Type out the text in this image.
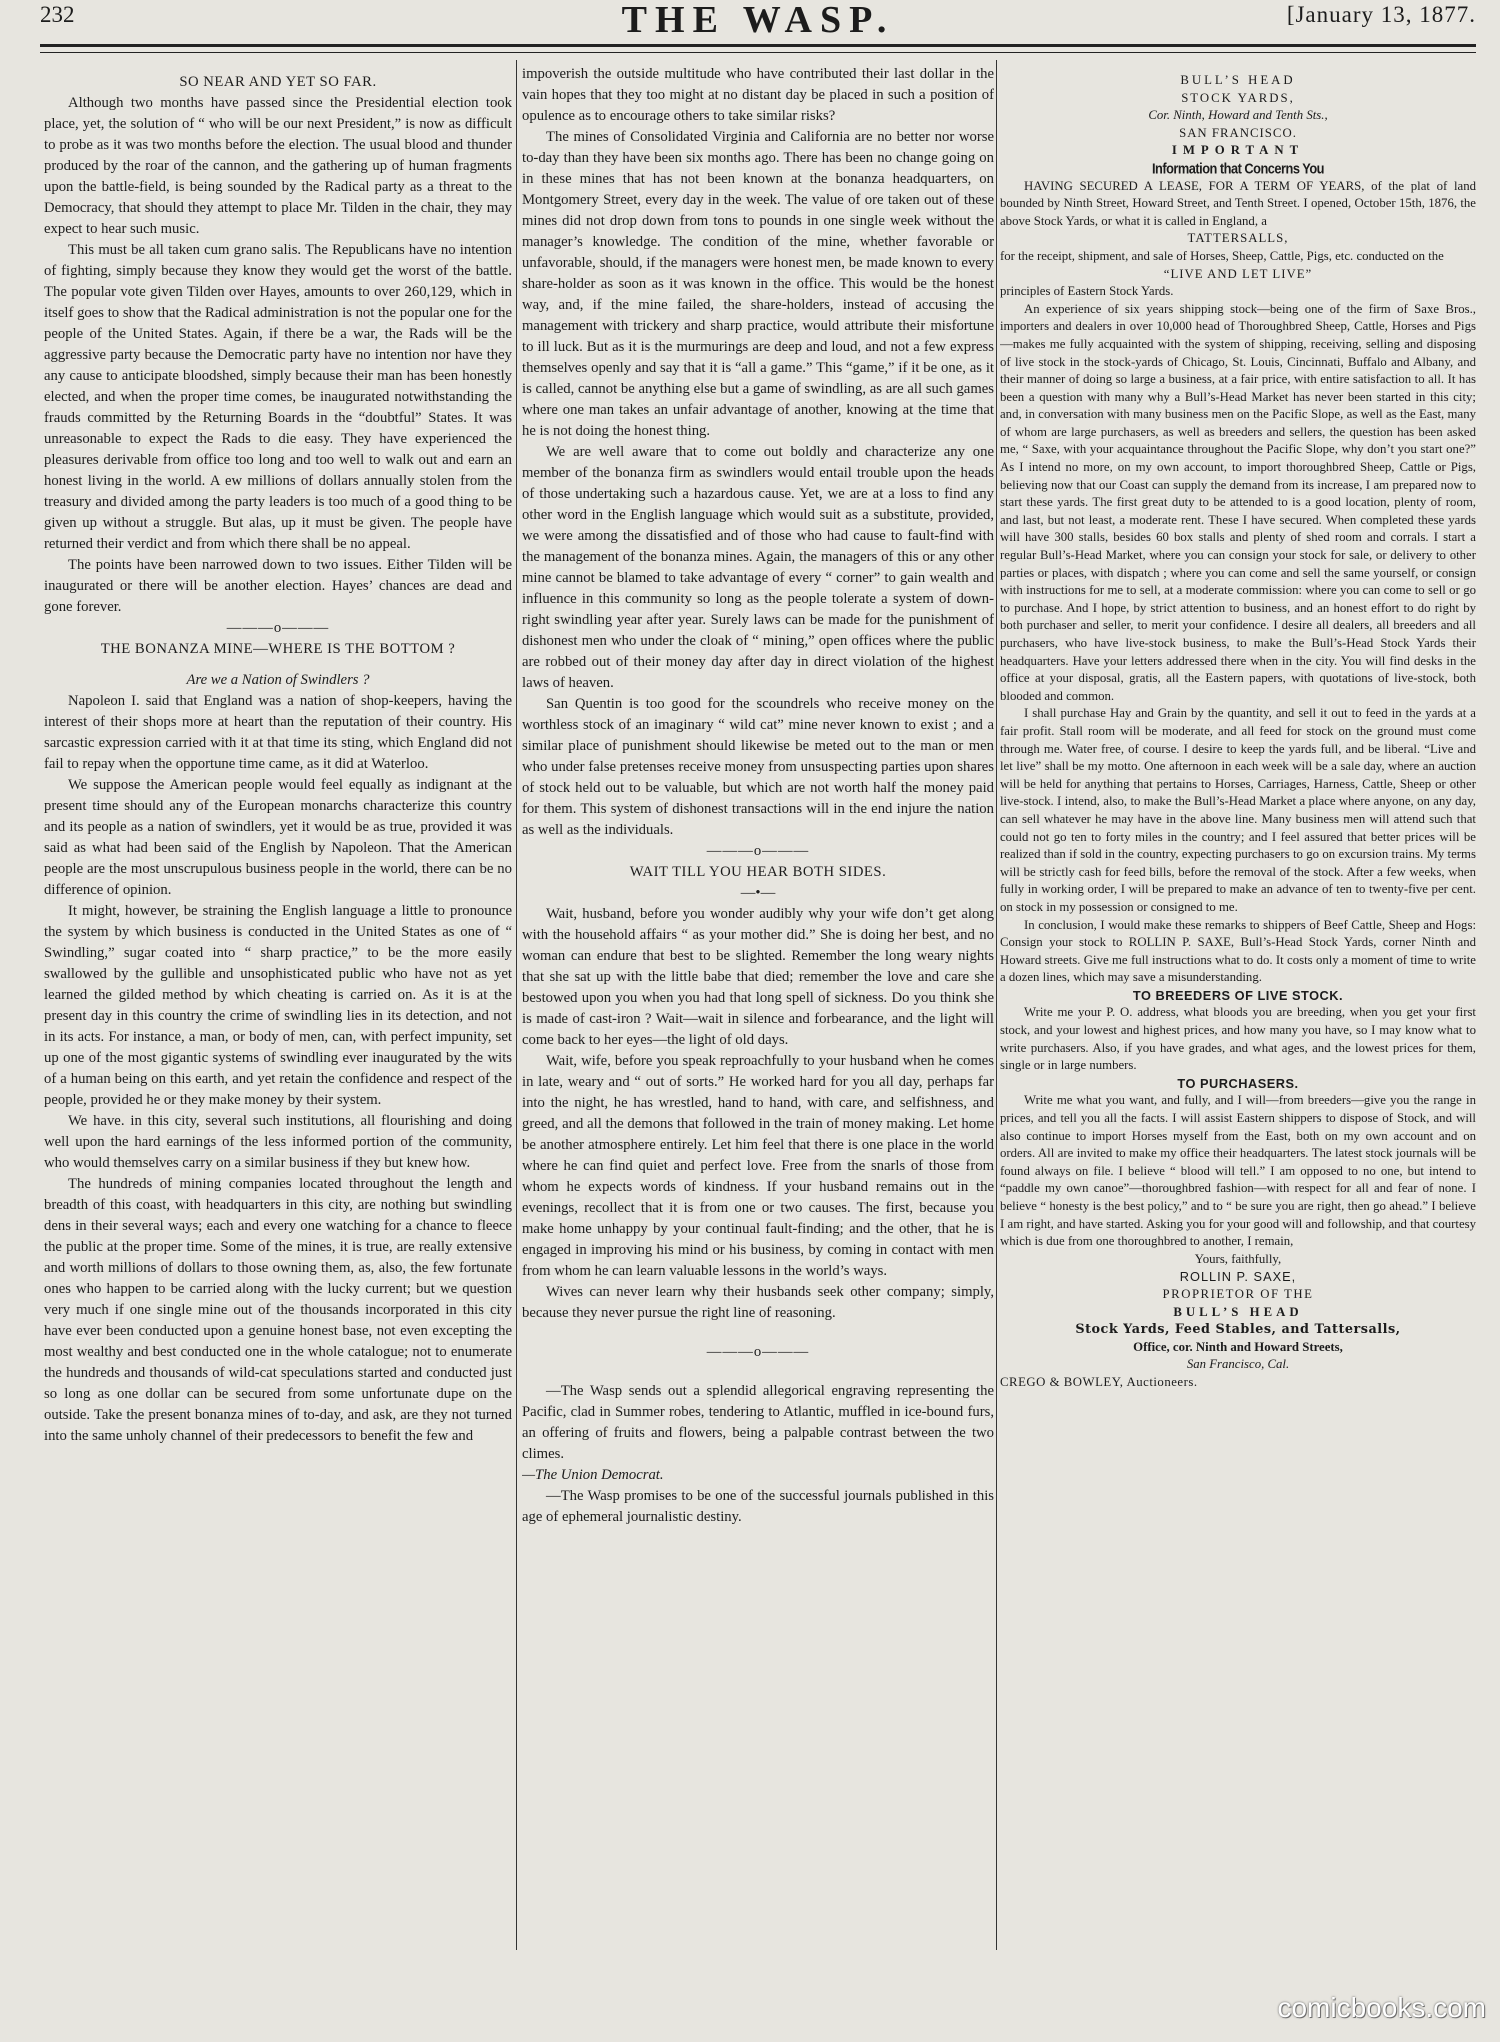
232	THE WASP.	[January 13, 1877.

SO NEAR AND YET SO FAR.

Although two months have passed since the Presidential election took place, yet, the solution of “ who will be our next President,” is now as difficult to probe as it was two months before the election. The usual blood and thunder produced by the roar of the cannon, and the gathering up of human fragments upon the battle-field, is being sounded by the Radical party as a threat to the Democracy, that should they attempt to place Mr. Tilden in the chair, they may expect to hear such music.

This must be all taken cum grano salis. The Republicans have no intention of fighting, simply because they know they would get the worst of the battle. The popular vote given Tilden over Hayes, amounts to over 260,129, which in itself goes to show that the Radical administration is not the popular one for the people of the United States. Again, if there be a war, the Rads will be the aggressive party because the Democratic party have no intention nor have they any cause to anticipate bloodshed, simply because their man has been honestly elected, and when the proper time comes, be inaugurated notwithstanding the frauds committed by the Returning Boards in the “doubtful” States. It was unreasonable to expect the Rads to die easy. They have experienced the pleasures derivable from office too long and too well to walk out and earn an honest living in the world. A ew millions of dollars annually stolen from the treasury and divided among the party leaders is too much of a good thing to be given up without a struggle. But alas, up it must be given. The people have returned their verdict and from which there shall be no appeal.

The points have been narrowed down to two issues. Either Tilden will be inaugurated or there will be another election. Hayes’ chances are dead and gone forever.

———o———

THE BONANZA MINE—WHERE IS THE BOTTOM ?

Are we a Nation of Swindlers ?

Napoleon I. said that England was a nation of shop-keepers, having the interest of their shops more at heart than the reputation of their country. His sarcastic expression carried with it at that time its sting, which England did not fail to repay when the opportune time came, as it did at Waterloo.

We suppose the American people would feel equally as indignant at the present time should any of the European monarchs characterize this country and its people as a nation of swindlers, yet it would be as true, provided it was said as what had been said of the English by Napoleon. That the American people are the most unscrupulous business people in the world, there can be no difference of opinion.

It might, however, be straining the English language a little to pronounce the system by which business is conducted in the United States as one of “ Swindling,” sugar coated into “ sharp practice,” to be the more easily swallowed by the gullible and unsophisticated public who have not as yet learned the gilded method by which cheating is carried on. As it is at the present day in this country the crime of swindling lies in its detection, and not in its acts. For instance, a man, or body of men, can, with perfect impunity, set up one of the most gigantic systems of swindling ever inaugurated by the wits of a human being on this earth, and yet retain the confidence and respect of the people, provided he or they make money by their system.

We have. in this city, several such institutions, all flourishing and doing well upon the hard earnings of the less informed portion of the community, who would themselves carry on a similar business if they but knew how.

The hundreds of mining companies located throughout the length and breadth of this coast, with headquarters in this city, are nothing but swindling dens in their several ways; each and every one watching for a chance to fleece the public at the proper time. Some of the mines, it is true, are really extensive and worth millions of dollars to those owning them, as, also, the few fortunate ones who happen to be carried along with the lucky current; but we question very much if one single mine out of the thousands incorporated in this city have ever been conducted upon a genuine honest base, not even excepting the most wealthy and best conducted one in the whole catalogue; not to enumerate the hundreds and thousands of wild-cat speculations started and conducted just so long as one dollar can be secured from some unfortunate dupe on the outside. Take the present bonanza mines of to-day, and ask, are they not turned into the same unholy channel of their predecessors to benefit the few and

impoverish the outside multitude who have contributed their last dollar in the vain hopes that they too might at no distant day be placed in such a position of opulence as to encourage others to take similar risks?

The mines of Consolidated Virginia and California are no better nor worse to-day than they have been six months ago. There has been no change going on in these mines that has not been known at the bonanza headquarters, on Montgomery Street, every day in the week. The value of ore taken out of these mines did not drop down from tons to pounds in one single week without the manager’s knowledge. The condition of the mine, whether favorable or unfavorable, should, if the managers were honest men, be made known to every share-holder as soon as it was known in the office. This would be the honest way, and, if the mine failed, the share-holders, instead of accusing the management with trickery and sharp practice, would attribute their misfortune to ill luck. But as it is the murmurings are deep and loud, and not a few express themselves openly and say that it is “all a game.” This “game,” if it be one, as it is called, cannot be anything else but a game of swindling, as are all such games where one man takes an unfair advantage of another, knowing at the time that he is not doing the honest thing.

We are well aware that to come out boldly and characterize any one member of the bonanza firm as swindlers would entail trouble upon the heads of those undertaking such a hazardous cause. Yet, we are at a loss to find any other word in the English language which would suit as a substitute, provided, we were among the dissatisfied and of those who had cause to fault-find with the management of the bonanza mines. Again, the managers of this or any other mine cannot be blamed to take advantage of every “ corner” to gain wealth and influence in this community so long as the people tolerate a system of down-right swindling year after year. Surely laws can be made for the punishment of dishonest men who under the cloak of “ mining,” open offices where the public are robbed out of their money day after day in direct violation of the highest laws of heaven.

San Quentin is too good for the scoundrels who receive money on the worthless stock of an imaginary “ wild cat” mine never known to exist ; and a similar place of punishment should likewise be meted out to the man or men who under false pretenses receive money from unsuspecting parties upon shares of stock held out to be valuable, but which are not worth half the money paid for them. This system of dishonest transactions will in the end injure the nation as well as the individuals.

———o———

WAIT TILL YOU HEAR BOTH SIDES.

—•—

Wait, husband, before you wonder audibly why your wife don’t get along with the household affairs “ as your mother did.” She is doing her best, and no woman can endure that best to be slighted. Remember the long weary nights that she sat up with the little babe that died; remember the love and care she bestowed upon you when you had that long spell of sickness. Do you think she is made of cast-iron ? Wait—wait in silence and forbearance, and the light will come back to her eyes—the light of old days.

Wait, wife, before you speak reproachfully to your husband when he comes in late, weary and “ out of sorts.” He worked hard for you all day, perhaps far into the night, he has wrestled, hand to hand, with care, and selfishness, and greed, and all the demons that followed in the train of money making. Let home be another atmosphere entirely. Let him feel that there is one place in the world where he can find quiet and perfect love. Free from the snarls of those from whom he expects words of kindness. If your husband remains out in the evenings, recollect that it is from one or two causes. The first, because you make home unhappy by your continual fault-finding; and the other, that he is engaged in improving his mind or his business, by coming in contact with men from whom he can learn valuable lessons in the world’s ways.

Wives can never learn why their husbands seek other company; simply, because they never pursue the right line of reasoning.

———o———

—The Wasp sends out a splendid allegorical engraving representing the Pacific, clad in Summer robes, tendering to Atlantic, muffled in ice-bound furs, an offering of fruits and flowers, being a palpable contrast between the two climes.

—The Union Democrat.

—The Wasp promises to be one of the successful journals published in this age of ephemeral journalistic destiny.

BULL’S HEAD

STOCK YARDS,

Cor. Ninth, Howard and Tenth Sts.,

SAN FRANCISCO.

IMPORTANT

Information that Concerns You

HAVING SECURED A LEASE, FOR A TERM OF YEARS, of the plat of land bounded by Ninth Street, Howard Street, and Tenth Street. I opened, October 15th, 1876, the above Stock Yards, or what it is called in England, a

TATTERSALLS,

for the receipt, shipment, and sale of Horses, Sheep, Cattle, Pigs, etc. conducted on the

“LIVE AND LET LIVE”

principles of Eastern Stock Yards.

An experience of six years shipping stock—being one of the firm of Saxe Bros., importers and dealers in over 10,000 head of Thoroughbred Sheep, Cattle, Horses and Pigs—makes me fully acquainted with the system of shipping, receiving, selling and disposing of live stock in the stock-yards of Chicago, St. Louis, Cincinnati, Buffalo and Albany, and their manner of doing so large a business, at a fair price, with entire satisfaction to all. It has been a question with many why a Bull’s-Head Market has never been started in this city; and, in conversation with many business men on the Pacific Slope, as well as the East, many of whom are large purchasers, as well as breeders and sellers, the question has been asked me, “ Saxe, with your acquaintance throughout the Pacific Slope, why don’t you start one?” As I intend no more, on my own account, to import thoroughbred Sheep, Cattle or Pigs, believing now that our Coast can supply the demand from its increase, I am prepared now to start these yards. The first great duty to be attended to is a good location, plenty of room, and last, but not least, a moderate rent. These I have secured. When completed these yards will have 300 stalls, besides 60 box stalls and plenty of shed room and corrals. I start a regular Bull’s-Head Market, where you can consign your stock for sale, or delivery to other parties or places, with dispatch ; where you can come and sell the same yourself, or consign with instructions for me to sell, at a moderate commission: where you can come to sell or go to purchase. And I hope, by strict attention to business, and an honest effort to do right by both purchaser and seller, to merit your confidence. I desire all dealers, all breeders and all purchasers, who have live-stock business, to make the Bull’s-Head Stock Yards their headquarters. Have your letters addressed there when in the city. You will find desks in the office at your disposal, gratis, all the Eastern papers, with quotations of live-stock, both blooded and common.

I shall purchase Hay and Grain by the quantity, and sell it out to feed in the yards at a fair profit. Stall room will be moderate, and all feed for stock on the ground must come through me. Water free, of course. I desire to keep the yards full, and be liberal. “Live and let live” shall be my motto. One afternoon in each week will be a sale day, where an auction will be held for anything that pertains to Horses, Carriages, Harness, Cattle, Sheep or other live-stock. I intend, also, to make the Bull’s-Head Market a place where anyone, on any day, can sell whatever he may have in the above line. Many business men will attend such that could not go ten to forty miles in the country; and I feel assured that better prices will be realized than if sold in the country, expecting purchasers to go on excursion trains. My terms will be strictly cash for feed bills, before the removal of the stock. After a few weeks, when fully in working order, I will be prepared to make an advance of ten to twenty-five per cent. on stock in my possession or consigned to me.

In conclusion, I would make these remarks to shippers of Beef Cattle, Sheep and Hogs: Consign your stock to ROLLIN P. SAXE, Bull’s-Head Stock Yards, corner Ninth and Howard streets. Give me full instructions what to do. It costs only a moment of time to write a dozen lines, which may save a misunderstanding.

TO BREEDERS OF LIVE STOCK.

Write me your P. O. address, what bloods you are breeding, when you get your first stock, and your lowest and highest prices, and how many you have, so I may know what to write purchasers. Also, if you have grades, and what ages, and the lowest prices for them, single or in large numbers.

TO PURCHASERS.

Write me what you want, and fully, and I will—from breeders—give you the range in prices, and tell you all the facts. I will assist Eastern shippers to dispose of Stock, and will also continue to import Horses myself from the East, both on my own account and on orders. All are invited to make my office their headquarters. The latest stock journals will be found always on file. I believe “ blood will tell.” I am opposed to no one, but intend to “paddle my own canoe”—thoroughbred fashion—with respect for all and fear of none. I believe “ honesty is the best policy,” and to “ be sure you are right, then go ahead.” I believe I am right, and have started. Asking you for your good will and followship, and that courtesy which is due from one thoroughbred to another, I remain,

Yours, faithfully,

ROLLIN P. SAXE,

PROPRIETOR OF THE

BULL’S HEAD

Stock Yards, Feed Stables, and Tattersalls,

Office, cor. Ninth and Howard Streets,

San Francisco, Cal.

CREGO & BOWLEY, Auctioneers.

comicbooks.com
